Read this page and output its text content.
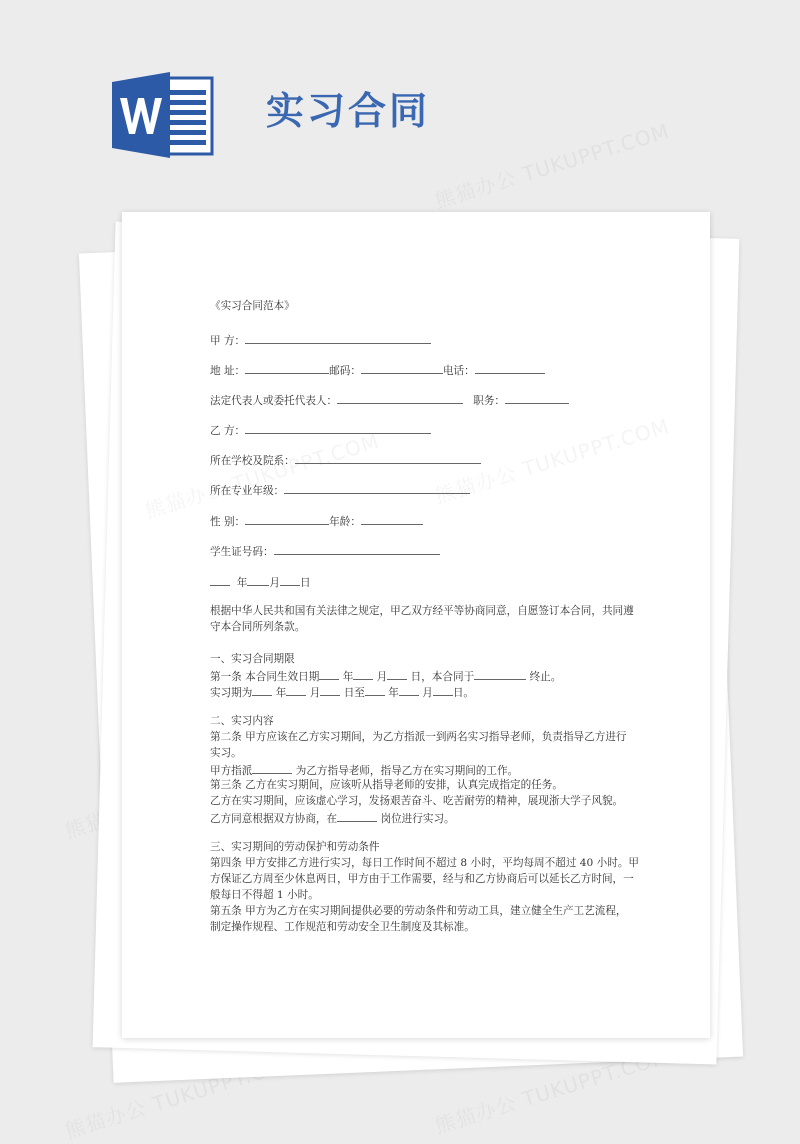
实习合同
《实习合同范本》
甲 方：
地 址：	邮码：	电话：
法定代表人或委托代表人：	职务：
乙 方：
所在学校及院系：
所在专业年级：
性 别：	年龄：
学生证号码：
年 月 日
根据中华人民共和国有关法律之规定，甲乙双方经平等协商同意，自愿签订本合同，共同遵
守本合同所列条款。
一、实习合同期限
第一条 本合同生效日期 年 月 日，本合同于	终止。
实习期为 年 月 日至 年 月 日。
二、实习内容
第二条 甲方应该在乙方实习期间，为乙方指派一到两名实习指导老师，负责指导乙方进行
实习。
甲方指派	为乙方指导老师，指导乙方在实习期间的工作。
第三条 乙方在实习期间，应该听从指导老师的安排，认真完成指定的任务。
乙方在实习期间，应该虚心学习，发扬艰苦奋斗、吃苦耐劳的精神，展现浙大学子风貌。
乙方同意根据双方协商，在	岗位进行实习。
三、实习期间的劳动保护和劳动条件
第四条 甲方安排乙方进行实习，每日工作时间不超过 8 小时，平均每周不超过 40 小时。甲
方保证乙方周至少休息两日，甲方由于工作需要，经与和乙方协商后可以延长乙方时间，一
般每日不得超 1 小时。
第五条 甲方为乙方在实习期间提供必要的劳动条件和劳动工具，建立健全生产工艺流程，
制定操作规程、工作规范和劳动安全卫生制度及其标准。
